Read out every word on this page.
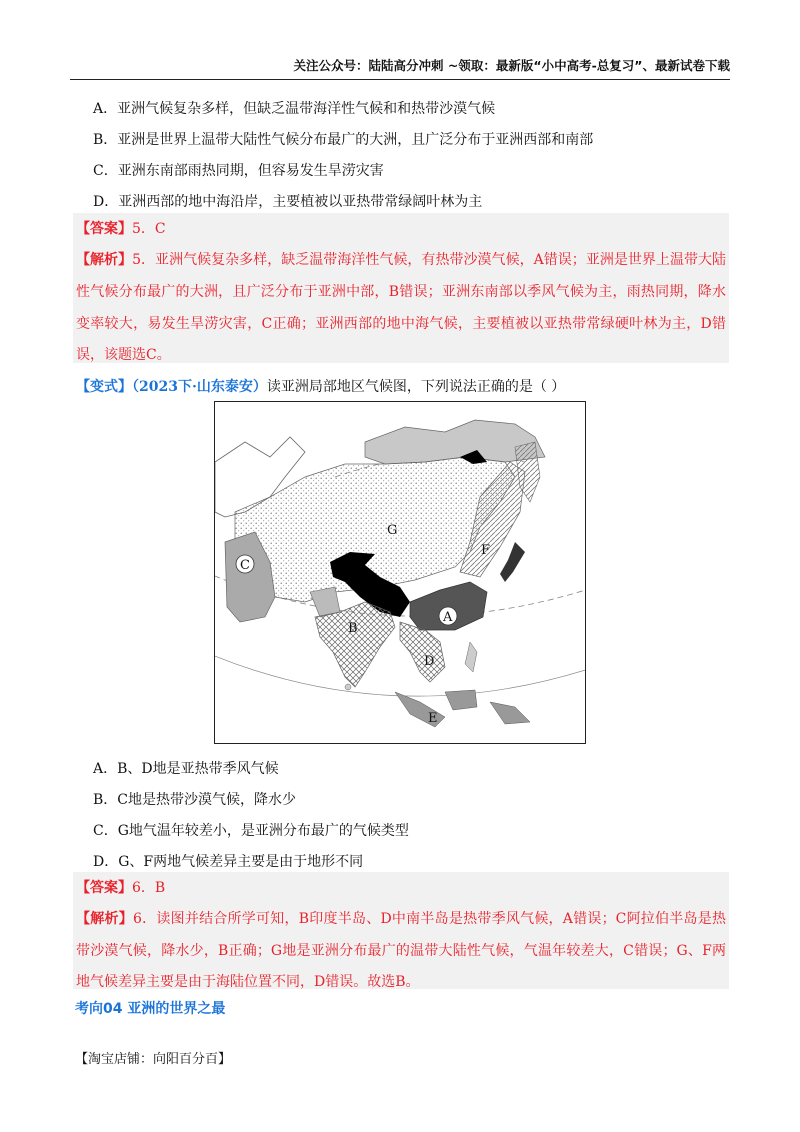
关注公众号：陆陆高分冲刺 ~领取：最新版“小中高考-总复习”、最新试卷下载
A．亚洲气候复杂多样，但缺乏温带海洋性气候和和热带沙漠气候
B．亚洲是世界上温带大陆性气候分布最广的大洲，且广泛分布于亚洲西部和南部
C．亚洲东南部雨热同期，但容易发生旱涝灾害
D．亚洲西部的地中海沿岸，主要植被以亚热带常绿阔叶林为主
【答案】5．C
【解析】5．亚洲气候复杂多样，缺乏温带海洋性气候，有热带沙漠气候，A错误；亚洲是世界上温带大陆
性气候分布最广的大洲，且广泛分布于亚洲中部，B错误；亚洲东南部以季风气候为主，雨热同期，降水
变率较大，易发生旱涝灾害，C正确；亚洲西部的地中海气候，主要植被以亚热带常绿硬叶林为主，D错
误，该题选C。
【变式】（2023下·山东泰安）读亚洲局部地区气候图，下列说法正确的是（ ）
G
F
C
A
B
D
E
A．B、D地是亚热带季风气候
B．C地是热带沙漠气候，降水少
C．G地气温年较差小，是亚洲分布最广的气候类型
D．G、F两地气候差异主要是由于地形不同
【答案】6．B
【解析】6．读图并结合所学可知，B印度半岛、D中南半岛是热带季风气候，A错误；C阿拉伯半岛是热
带沙漠气候，降水少，B正确；G地是亚洲分布最广的温带大陆性气候，气温年较差大，C错误；G、F两
地气候差异主要是由于海陆位置不同，D错误。故选B。
考向04 亚洲的世界之最
【淘宝店铺：向阳百分百】
